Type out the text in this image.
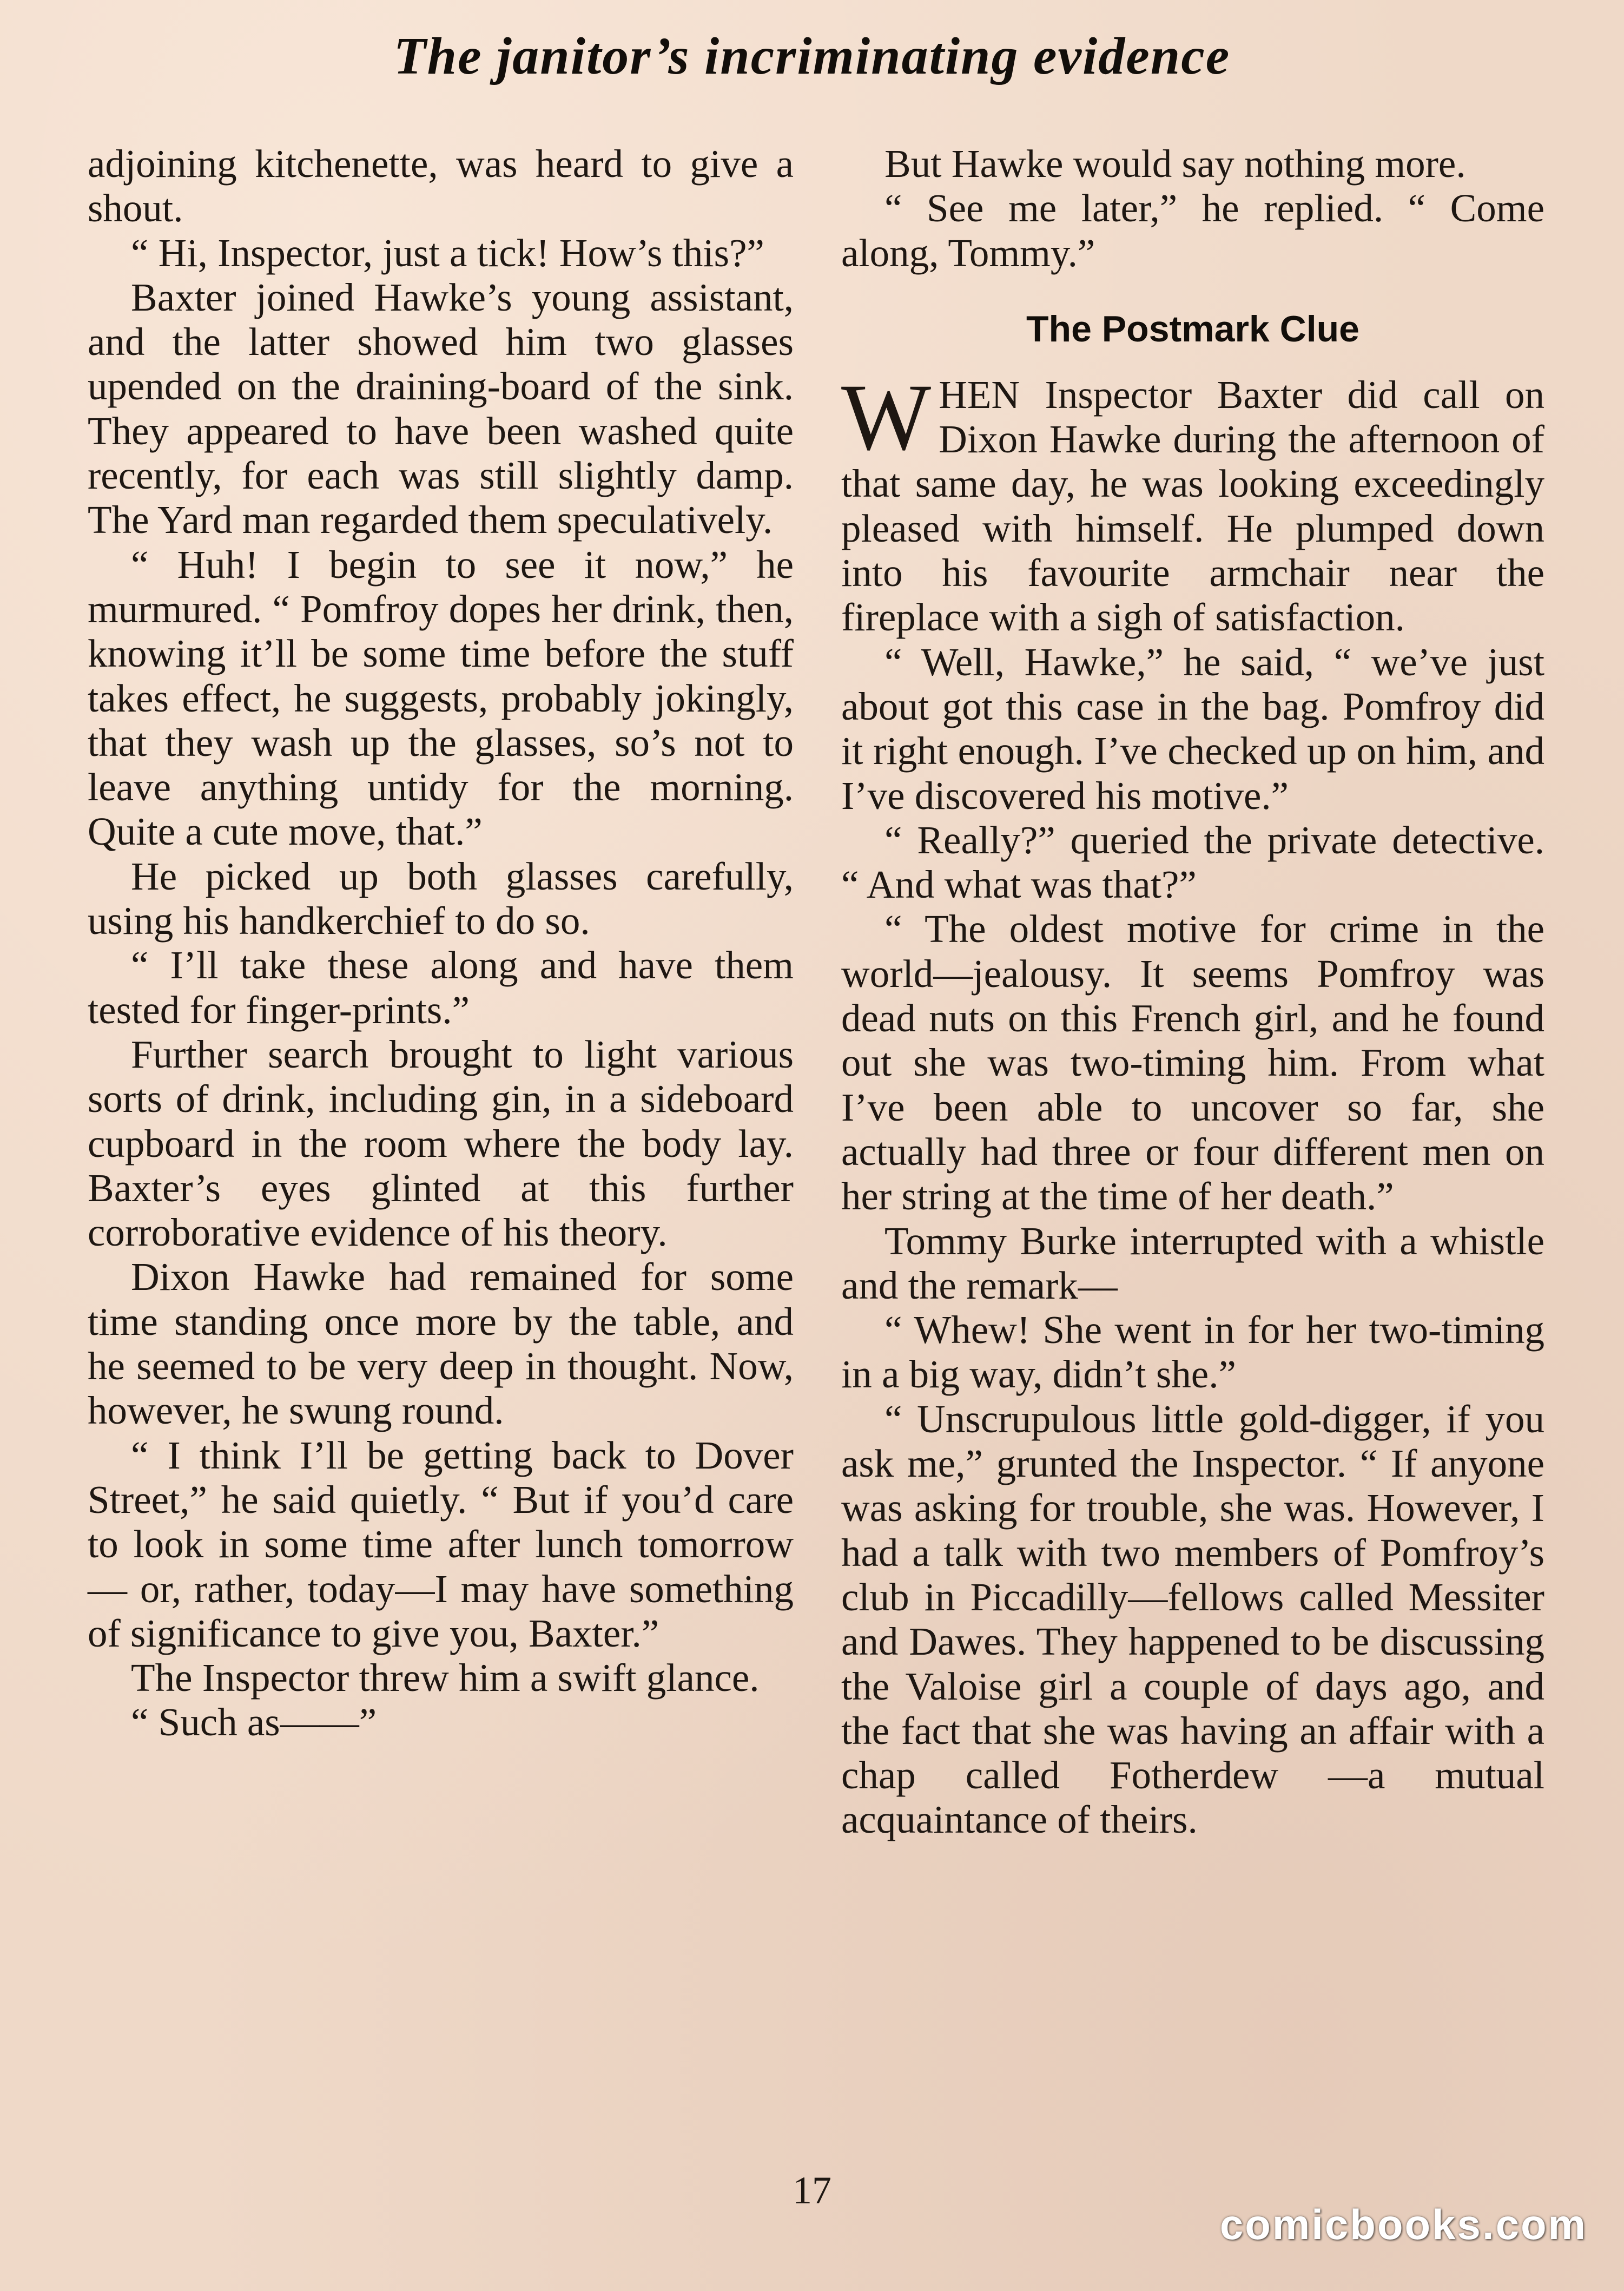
The janitor’s incriminating evidence

adjoining kitchenette, was heard to give a shout.

“ Hi, Inspector, just a tick! How’s this?”

Baxter joined Hawke’s young assistant, and the latter showed him two glasses upended on the draining-board of the sink. They appeared to have been washed quite recently, for each was still slightly damp. The Yard man regarded them speculatively.

“ Huh! I begin to see it now,” he murmured. “ Pomfroy dopes her drink, then, knowing it’ll be some time before the stuff takes effect, he suggests, probably jokingly, that they wash up the glasses, so’s not to leave anything untidy for the morning. Quite a cute move, that.”

He picked up both glasses carefully, using his handkerchief to do so.

“ I’ll take these along and have them tested for finger-prints.”

Further search brought to light various sorts of drink, including gin, in a sideboard cupboard in the room where the body lay. Baxter’s eyes glinted at this further corroborative evidence of his theory.

Dixon Hawke had remained for some time standing once more by the table, and he seemed to be very deep in thought. Now, however, he swung round.

“ I think I’ll be getting back to Dover Street,” he said quietly. “ But if you’d care to look in some time after lunch tomorrow — or, rather, today—I may have something of significance to give you, Baxter.”

The Inspector threw him a swift glance.

“ Such as——”

But Hawke would say nothing more.

“ See me later,” he replied. “ Come along, Tommy.”

The Postmark Clue

WHEN Inspector Baxter did call on Dixon Hawke during the afternoon of that same day, he was looking exceedingly pleased with himself. He plumped down into his favourite armchair near the fireplace with a sigh of satisfaction.

“ Well, Hawke,” he said, “ we’ve just about got this case in the bag. Pomfroy did it right enough. I’ve checked up on him, and I’ve discovered his motive.”

“ Really?” queried the private detective. “ And what was that?”

“ The oldest motive for crime in the world—jealousy. It seems Pomfroy was dead nuts on this French girl, and he found out she was two-timing him. From what I’ve been able to uncover so far, she actually had three or four different men on her string at the time of her death.”

Tommy Burke interrupted with a whistle and the remark—

“ Whew! She went in for her two-timing in a big way, didn’t she.”

“ Unscrupulous little gold-digger, if you ask me,” grunted the Inspector. “ If anyone was asking for trouble, she was. However, I had a talk with two members of Pomfroy’s club in Piccadilly—fellows called Messiter and Dawes. They happened to be discussing the Valoise girl a couple of days ago, and the fact that she was having an affair with a chap called Fotherdew —a mutual acquaintance of theirs.

17
comicbooks.com
